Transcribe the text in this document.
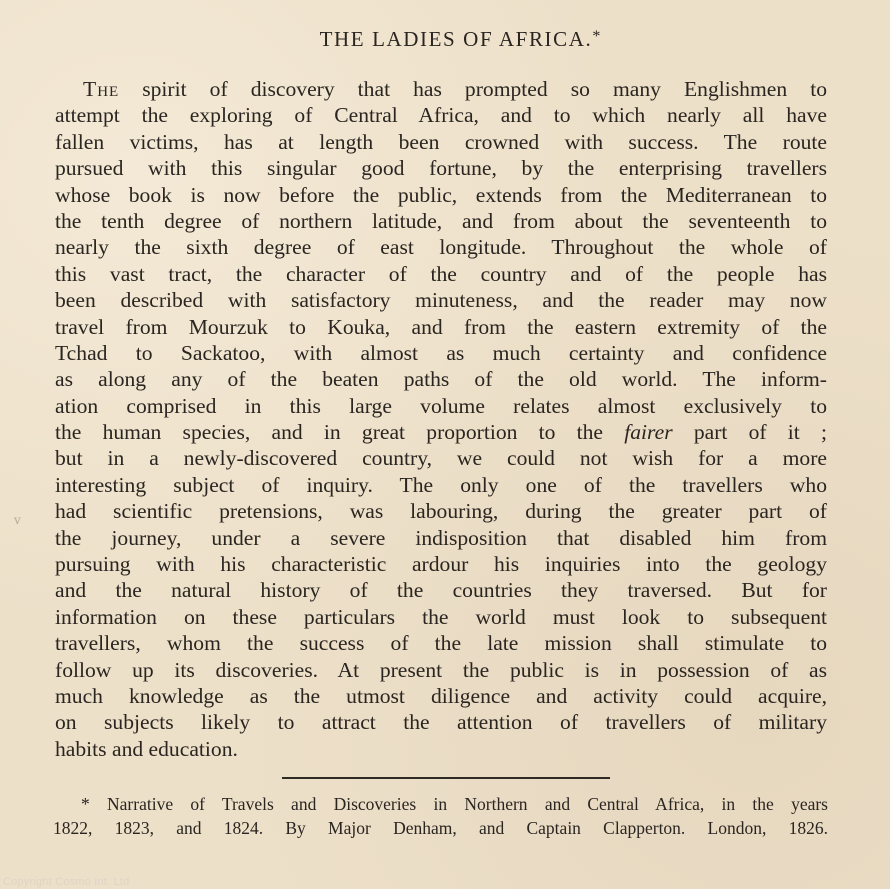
THE LADIES OF AFRICA.*
The spirit of discovery that has prompted so many Englishmen to
attempt the exploring of Central Africa, and to which nearly all have
fallen victims, has at length been crowned with success. The route
pursued with this singular good fortune, by the enterprising travellers
whose book is now before the public, extends from the Mediterranean to
the tenth degree of northern latitude, and from about the seventeenth to
nearly the sixth degree of east longitude. Throughout the whole of
this vast tract, the character of the country and of the people has
been described with satisfactory minuteness, and the reader may now
travel from Mourzuk to Kouka, and from the eastern extremity of the
Tchad to Sackatoo, with almost as much certainty and confidence
as along any of the beaten paths of the old world. The inform-
ation comprised in this large volume relates almost exclusively to
the human species, and in great proportion to the fairer part of it ;
but in a newly-discovered country, we could not wish for a more
interesting subject of inquiry. The only one of the travellers who
had scientific pretensions, was labouring, during the greater part of
the journey, under a severe indisposition that disabled him from
pursuing with his characteristic ardour his inquiries into the geology
and the natural history of the countries they traversed. But for
information on these particulars the world must look to subsequent
travellers, whom the success of the late mission shall stimulate to
follow up its discoveries. At present the public is in possession of as
much knowledge as the utmost diligence and activity could acquire,
on subjects likely to attract the attention of travellers of military
habits and education.
* Narrative of Travels and Discoveries in Northern and Central Africa, in the years
1822, 1823, and 1824. By Major Denham, and Captain Clapperton. London, 1826.
v
Copyright Cosmo Int. Ltd
